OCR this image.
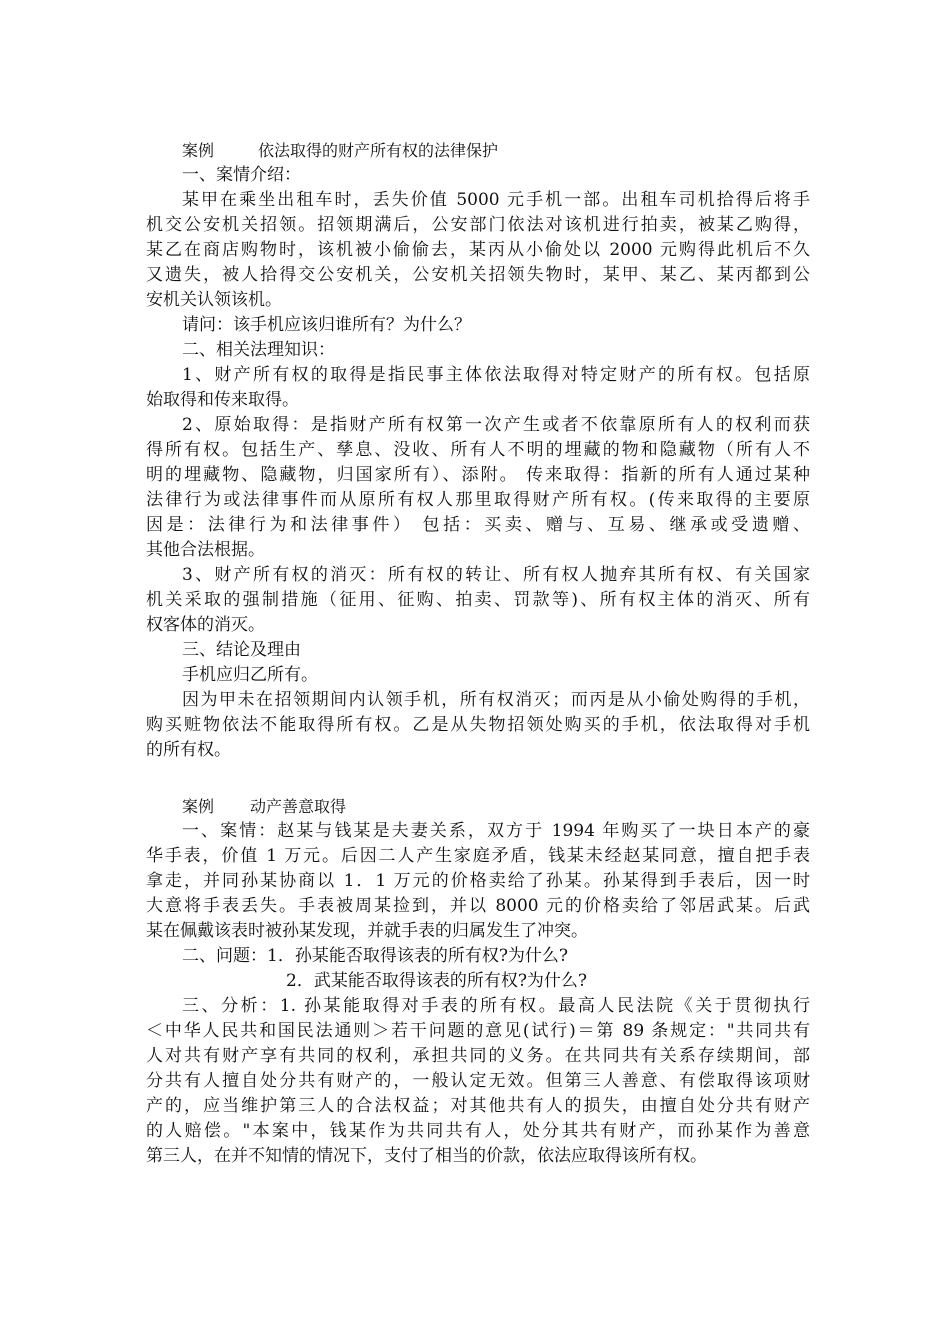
案例	依法取得的财产所有权的法律保护
一、案情介绍：
某甲在乘坐出租车时，丢失价值 5000 元手机一部。出租车司机拾得后将手
机交公安机关招领。招领期满后，公安部门依法对该机进行拍卖，被某乙购得，
某乙在商店购物时，该机被小偷偷去，某丙从小偷处以 2000 元购得此机后不久
又遗失，被人拾得交公安机关，公安机关招领失物时，某甲、某乙、某丙都到公
安机关认领该机。
请问：该手机应该归谁所有？为什么？
二、相关法理知识：
1、财产所有权的取得是指民事主体依法取得对特定财产的所有权。包括原
始取得和传来取得。
2、原始取得：是指财产所有权第一次产生或者不依靠原所有人的权利而获
得所有权。包括生产、孳息、没收、所有人不明的埋藏的物和隐藏物（所有人不
明的埋藏物、隐藏物，归国家所有）、添附。 传来取得：指新的所有人通过某种
法律行为或法律事件而从原所有权人那里取得财产所有权。(传来取得的主要原
因是：法律行为和法律事件） 包括：买卖、赠与、互易、继承或受遗赠、
其他合法根据。
3、财产所有权的消灭：所有权的转让、所有权人抛弃其所有权、有关国家
机关采取的强制措施（征用、征购、拍卖、罚款等)、所有权主体的消灭、所有
权客体的消灭。
三、结论及理由
手机应归乙所有。
因为甲未在招领期间内认领手机，所有权消灭；而丙是从小偷处购得的手机，
购买赃物依法不能取得所有权。乙是从失物招领处购买的手机，依法取得对手机
的所有权。
案例 动产善意取得
一、案情：赵某与钱某是夫妻关系，双方于 1994 年购买了一块日本产的豪
华手表，价值 1 万元。后因二人产生家庭矛盾，钱某未经赵某同意，擅自把手表
拿走，并同孙某协商以 1．1 万元的价格卖给了孙某。孙某得到手表后，因一时
大意将手表丢失。手表被周某捡到，并以 8000 元的价格卖给了邻居武某。后武
某在佩戴该表时被孙某发现，并就手表的归属发生了冲突。
二、问题：1．孙某能否取得该表的所有权?为什么?
2．武某能否取得该表的所有权?为什么?
三、分析：1. 孙某能取得对手表的所有权。最高人民法院《关于贯彻执行
＜中华人民共和国民法通则＞若干问题的意见(试行)＝第 89 条规定："共同共有
人对共有财产享有共同的权利，承担共同的义务。在共同共有关系存续期间，部
分共有人擅自处分共有财产的，一般认定无效。但第三人善意、有偿取得该项财
产的，应当维护第三人的合法权益；对其他共有人的损失，由擅自处分共有财产
的人赔偿。"本案中，钱某作为共同共有人，处分其共有财产，而孙某作为善意
第三人，在并不知情的情况下，支付了相当的价款，依法应取得该所有权。
